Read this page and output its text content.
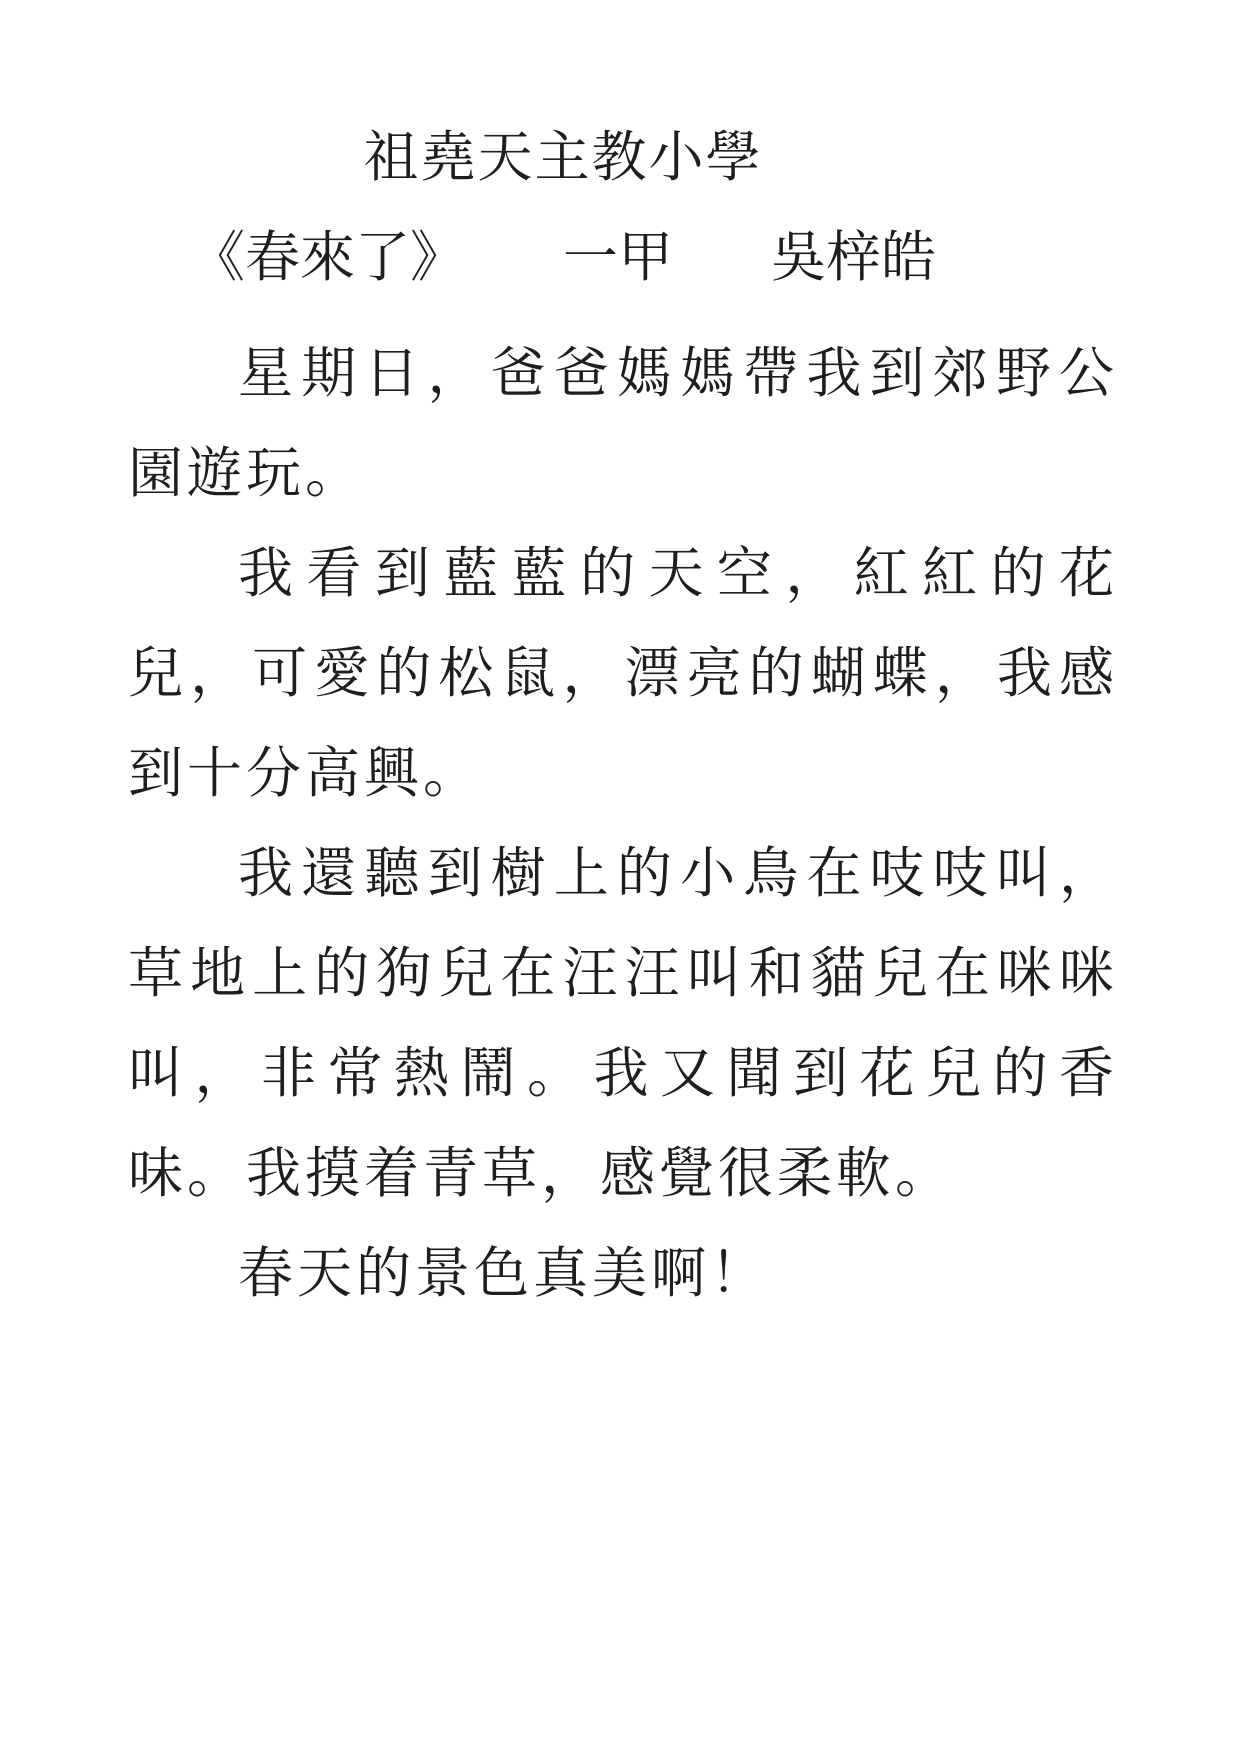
祖堯天主教小學
《春來了》 一甲 吳梓皓

星期日，爸爸媽媽帶我到郊野公園遊玩。

我看到藍藍的天空，紅紅的花兒，可愛的松鼠，漂亮的蝴蝶，我感到十分高興。

我還聽到樹上的小鳥在吱吱叫，草地上的狗兒在汪汪叫和貓兒在咪咪叫，非常熱鬧。我又聞到花兒的香味。我摸着青草，感覺很柔軟。

春天的景色真美啊！
